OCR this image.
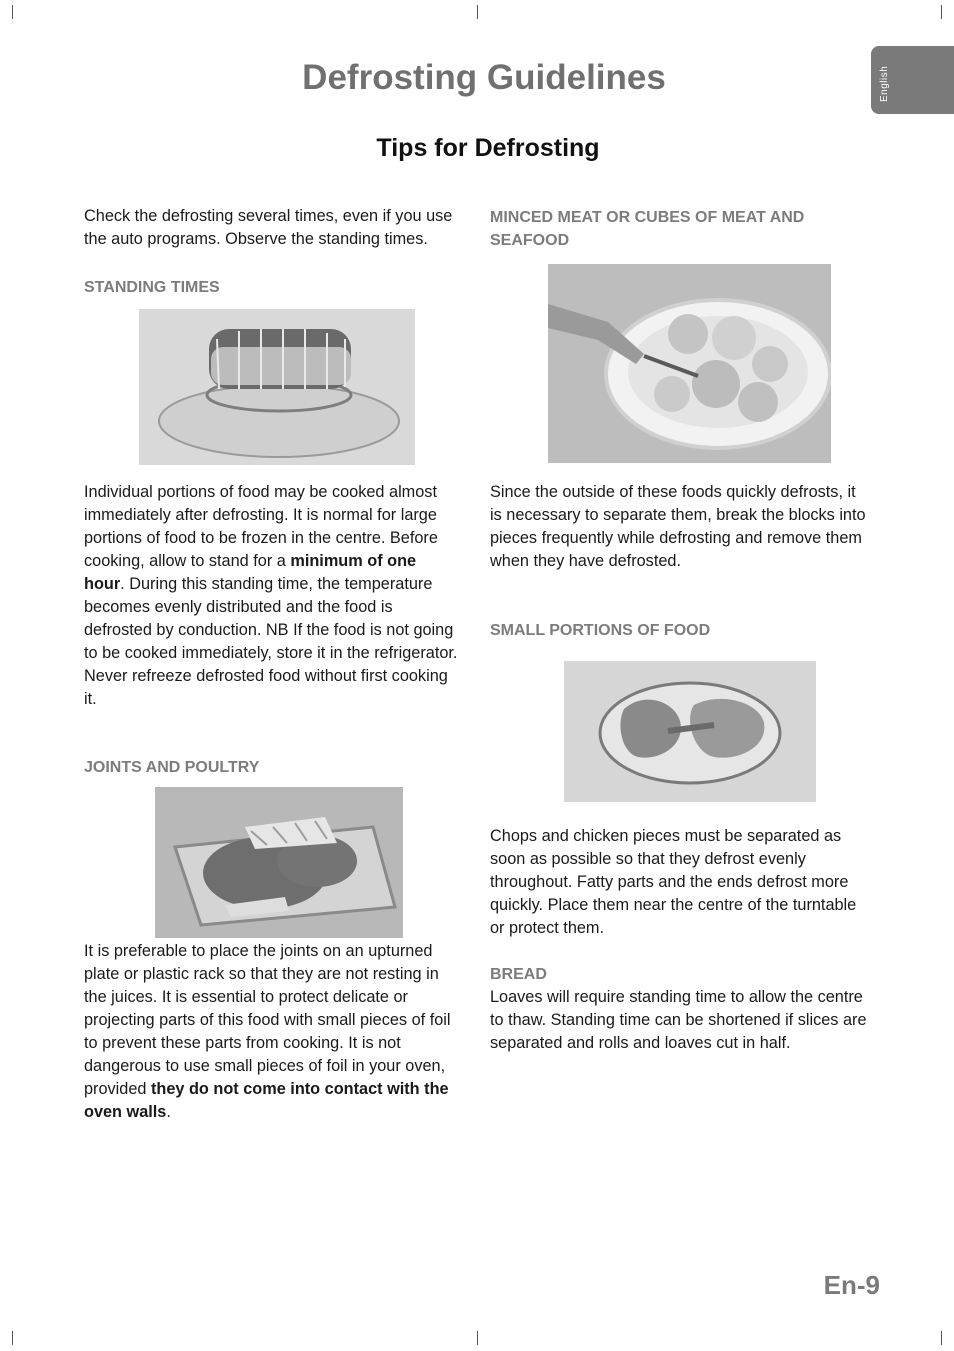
English
Defrosting Guidelines
Tips for Defrosting

Check the defrosting several times, even if you use the auto programs. Observe the standing times.

STANDING TIMES

Individual portions of food may be cooked almost immediately after defrosting. It is normal for large portions of food to be frozen in the centre. Before cooking, allow to stand for a minimum of one hour. During this standing time, the temperature becomes evenly distributed and the food is defrosted by conduction. NB If the food is not going to be cooked immediately, store it in the refrigerator. Never refreeze defrosted food without first cooking it.

JOINTS AND POULTRY

It is preferable to place the joints on an upturned plate or plastic rack so that they are not resting in the juices. It is essential to protect delicate or projecting parts of this food with small pieces of foil to prevent these parts from cooking. It is not dangerous to use small pieces of foil in your oven, provided they do not come into contact with the oven walls.

MINCED MEAT OR CUBES OF MEAT AND SEAFOOD

Since the outside of these foods quickly defrosts, it is necessary to separate them, break the blocks into pieces frequently while defrosting and remove them when they have defrosted.

SMALL PORTIONS OF FOOD

Chops and chicken pieces must be separated as soon as possible so that they defrost evenly throughout. Fatty parts and the ends defrost more quickly. Place them near the centre of the turntable or protect them.

BREAD

Loaves will require standing time to allow the centre to thaw. Standing time can be shortened if slices are separated and rolls and loaves cut in half.

En-9
